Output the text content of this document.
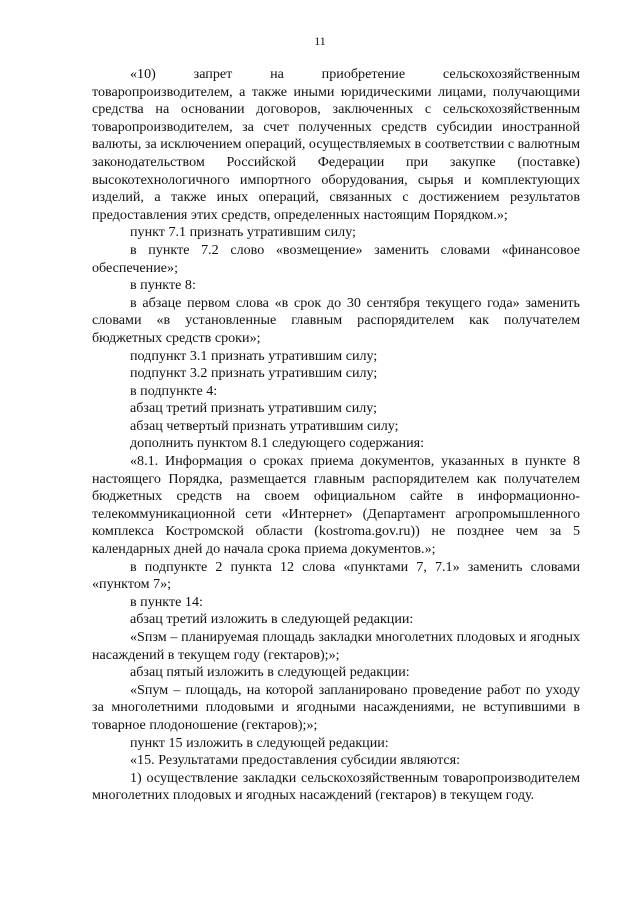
11

«10) запрет на приобретение сельскохозяйственным товаропроизводителем, а также иными юридическими лицами, получающими средства на основании договоров, заключенных с сельскохозяйственным товаропроизводителем, за счет полученных средств субсидии иностранной валюты, за исключением операций, осуществляемых в соответствии с валютным законодательством Российской Федерации при закупке (поставке) высокотехнологичного импортного оборудования, сырья и комплектующих изделий, а также иных операций, связанных с достижением результатов предоставления этих средств, определенных настоящим Порядком.»;

пункт 7.1 признать утратившим силу;

в пункте 7.2 слово «возмещение» заменить словами «финансовое обеспечение»;

в пункте 8:

в абзаце первом слова «в срок до 30 сентября текущего года» заменить словами «в установленные главным распорядителем как получателем бюджетных средств сроки»;

подпункт 3.1 признать утратившим силу;

подпункт 3.2 признать утратившим силу;

в подпункте 4:

абзац третий признать утратившим силу;

абзац четвертый признать утратившим силу;

дополнить пунктом 8.1 следующего содержания:

«8.1. Информация о сроках приема документов, указанных в пункте 8 настоящего Порядка, размещается главным распорядителем как получателем бюджетных средств на своем официальном сайте в информационно-телекоммуникационной сети «Интернет» (Департамент агропромышленного комплекса Костромской области (kostroma.gov.ru)) не позднее чем за 5 календарных дней до начала срока приема документов.»;

в подпункте 2 пункта 12 слова «пунктами 7, 7.1» заменить словами «пунктом 7»;

в пункте 14:

абзац третий изложить в следующей редакции:

«Sпзм – планируемая площадь закладки многолетних плодовых и ягодных насаждений в текущем году (гектаров);»;

абзац пятый изложить в следующей редакции:

«Sпум – площадь, на которой запланировано проведение работ по уходу за многолетними плодовыми и ягодными насаждениями, не вступившими в товарное плодоношение (гектаров);»;

пункт 15 изложить в следующей редакции:

«15. Результатами предоставления субсидии являются:

1) осуществление закладки сельскохозяйственным товаропроизводителем многолетних плодовых и ягодных насаждений (гектаров) в текущем году.
